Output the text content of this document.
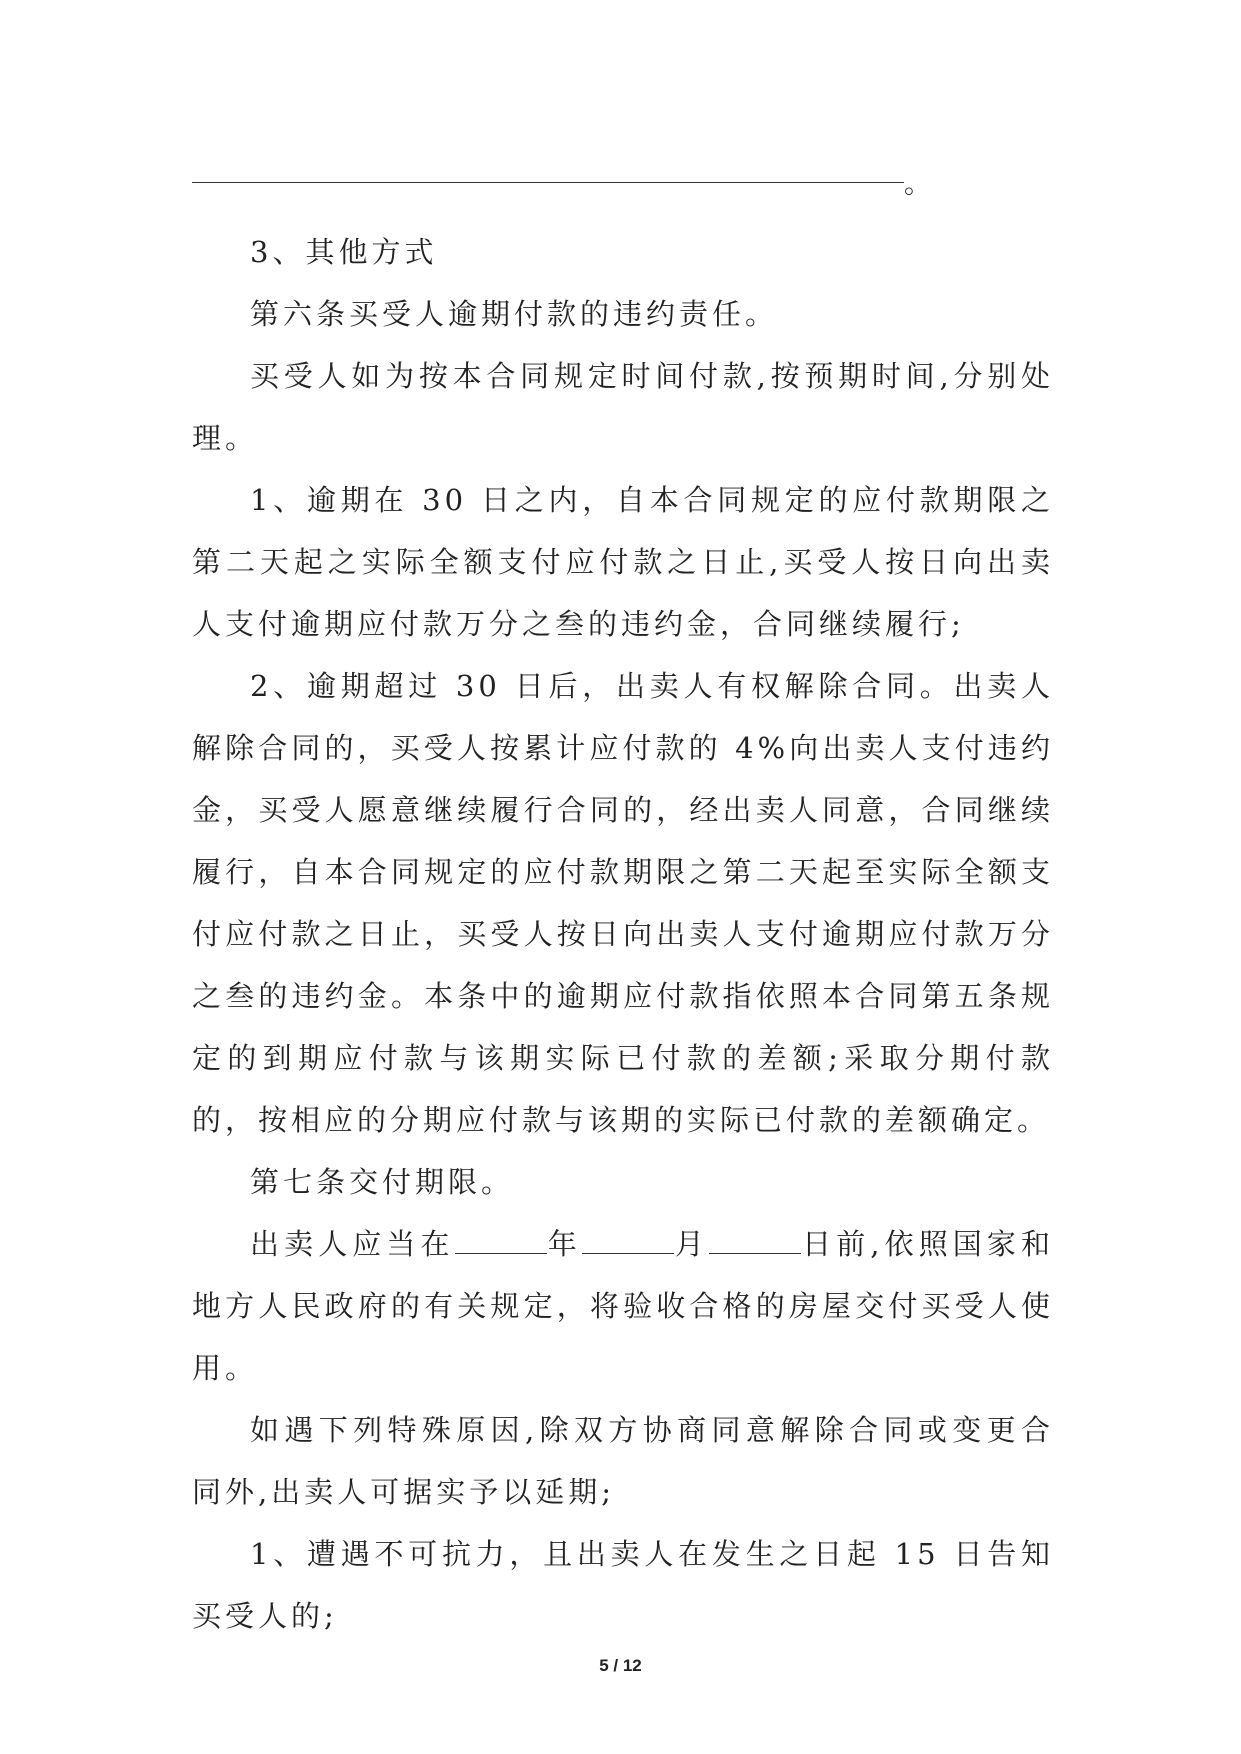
。

3、其他方式

第六条买受人逾期付款的违约责任。

买受人如为按本合同规定时间付款,按预期时间,分别处理。

1、逾期在 30 日之内，自本合同规定的应付款期限之第二天起之实际全额支付应付款之日止,买受人按日向出卖人支付逾期应付款万分之叁的违约金，合同继续履行;

2、逾期超过 30 日后，出卖人有权解除合同。出卖人解除合同的，买受人按累计应付款的 4%向出卖人支付违约金，买受人愿意继续履行合同的，经出卖人同意，合同继续履行，自本合同规定的应付款期限之第二天起至实际全额支付应付款之日止，买受人按日向出卖人支付逾期应付款万分之叁的违约金。本条中的逾期应付款指依照本合同第五条规定的到期应付款与该期实际已付款的差额;采取分期付款的，按相应的分期应付款与该期的实际已付款的差额确定。

第七条交付期限。

出卖人应当在	年	月	日前,依照国家和地方人民政府的有关规定，将验收合格的房屋交付买受人使用。

如遇下列特殊原因,除双方协商同意解除合同或变更合同外,出卖人可据实予以延期;

1、遭遇不可抗力，且出卖人在发生之日起 15 日告知买受人的;

5 / 12
